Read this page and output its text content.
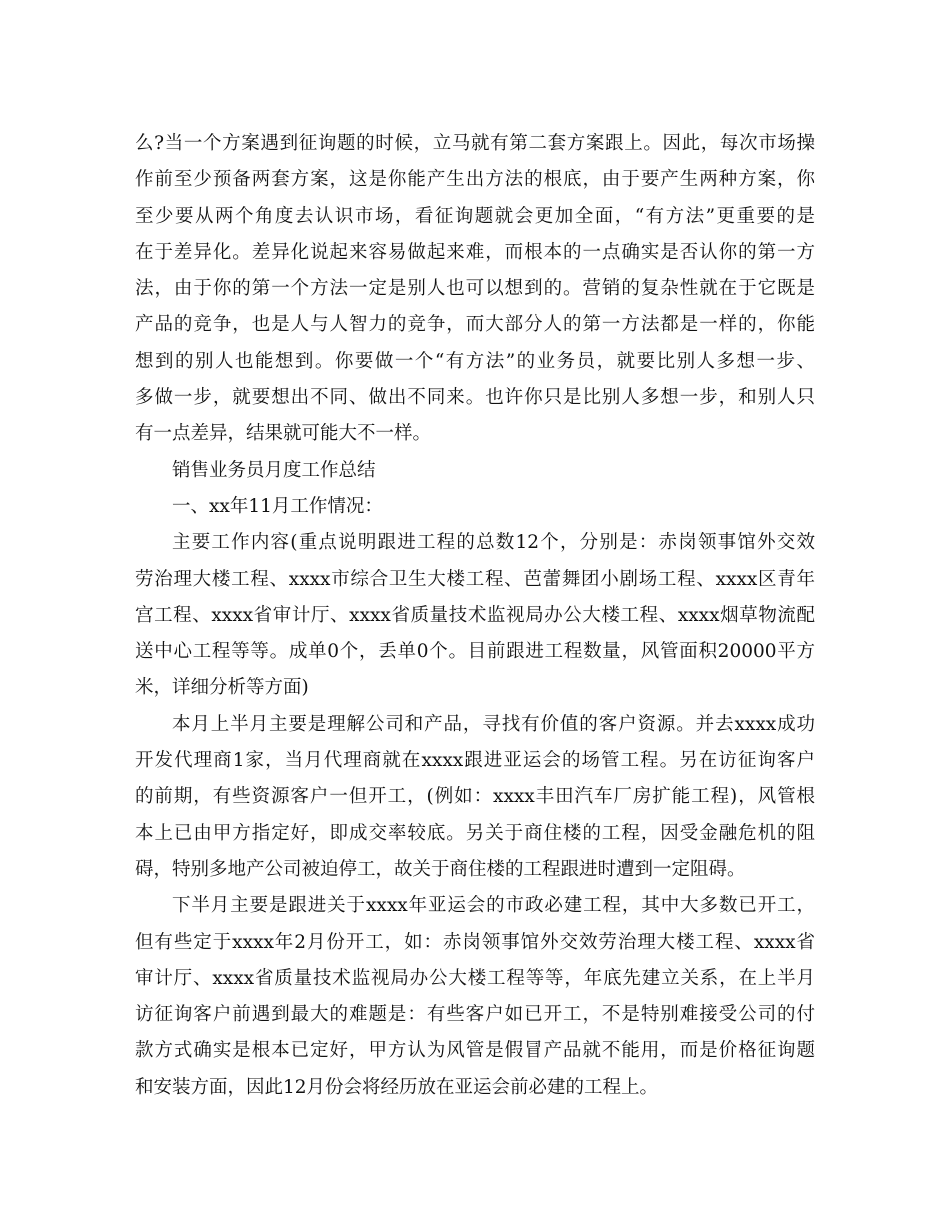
么?当一个方案遇到征询题的时候，立马就有第二套方案跟上。因此，每次市场操
作前至少预备两套方案，这是你能产生出方法的根底，由于要产生两种方案，你
至少要从两个角度去认识市场，看征询题就会更加全面，“有方法”更重要的是
在于差异化。差异化说起来容易做起来难，而根本的一点确实是否认你的第一方
法，由于你的第一个方法一定是别人也可以想到的。营销的复杂性就在于它既是
产品的竞争，也是人与人智力的竞争，而大部分人的第一方法都是一样的，你能
想到的别人也能想到。你要做一个“有方法”的业务员，就要比别人多想一步、
多做一步，就要想出不同、做出不同来。也许你只是比别人多想一步，和别人只
有一点差异，结果就可能大不一样。
销售业务员月度工作总结
一、xx年11月工作情况：
主要工作内容(重点说明跟进工程的总数12个，分别是：赤岗领事馆外交效
劳治理大楼工程、xxxx市综合卫生大楼工程、芭蕾舞团小剧场工程、xxxx区青年
宫工程、xxxx省审计厅、xxxx省质量技术监视局办公大楼工程、xxxx烟草物流配
送中心工程等等。成单0个，丢单0个。目前跟进工程数量，风管面积20000平方
米，详细分析等方面)
本月上半月主要是理解公司和产品，寻找有价值的客户资源。并去xxxx成功
开发代理商1家，当月代理商就在xxxx跟进亚运会的场管工程。另在访征询客户
的前期，有些资源客户一但开工，(例如：xxxx丰田汽车厂房扩能工程)，风管根
本上已由甲方指定好，即成交率较底。另关于商住楼的工程，因受金融危机的阻
碍，特别多地产公司被迫停工，故关于商住楼的工程跟进时遭到一定阻碍。
下半月主要是跟进关于xxxx年亚运会的市政必建工程，其中大多数已开工，
但有些定于xxxx年2月份开工，如：赤岗领事馆外交效劳治理大楼工程、xxxx省
审计厅、xxxx省质量技术监视局办公大楼工程等等，年底先建立关系，在上半月
访征询客户前遇到最大的难题是：有些客户如已开工，不是特别难接受公司的付
款方式确实是根本已定好，甲方认为风管是假冒产品就不能用，而是价格征询题
和安装方面，因此12月份会将经历放在亚运会前必建的工程上。
